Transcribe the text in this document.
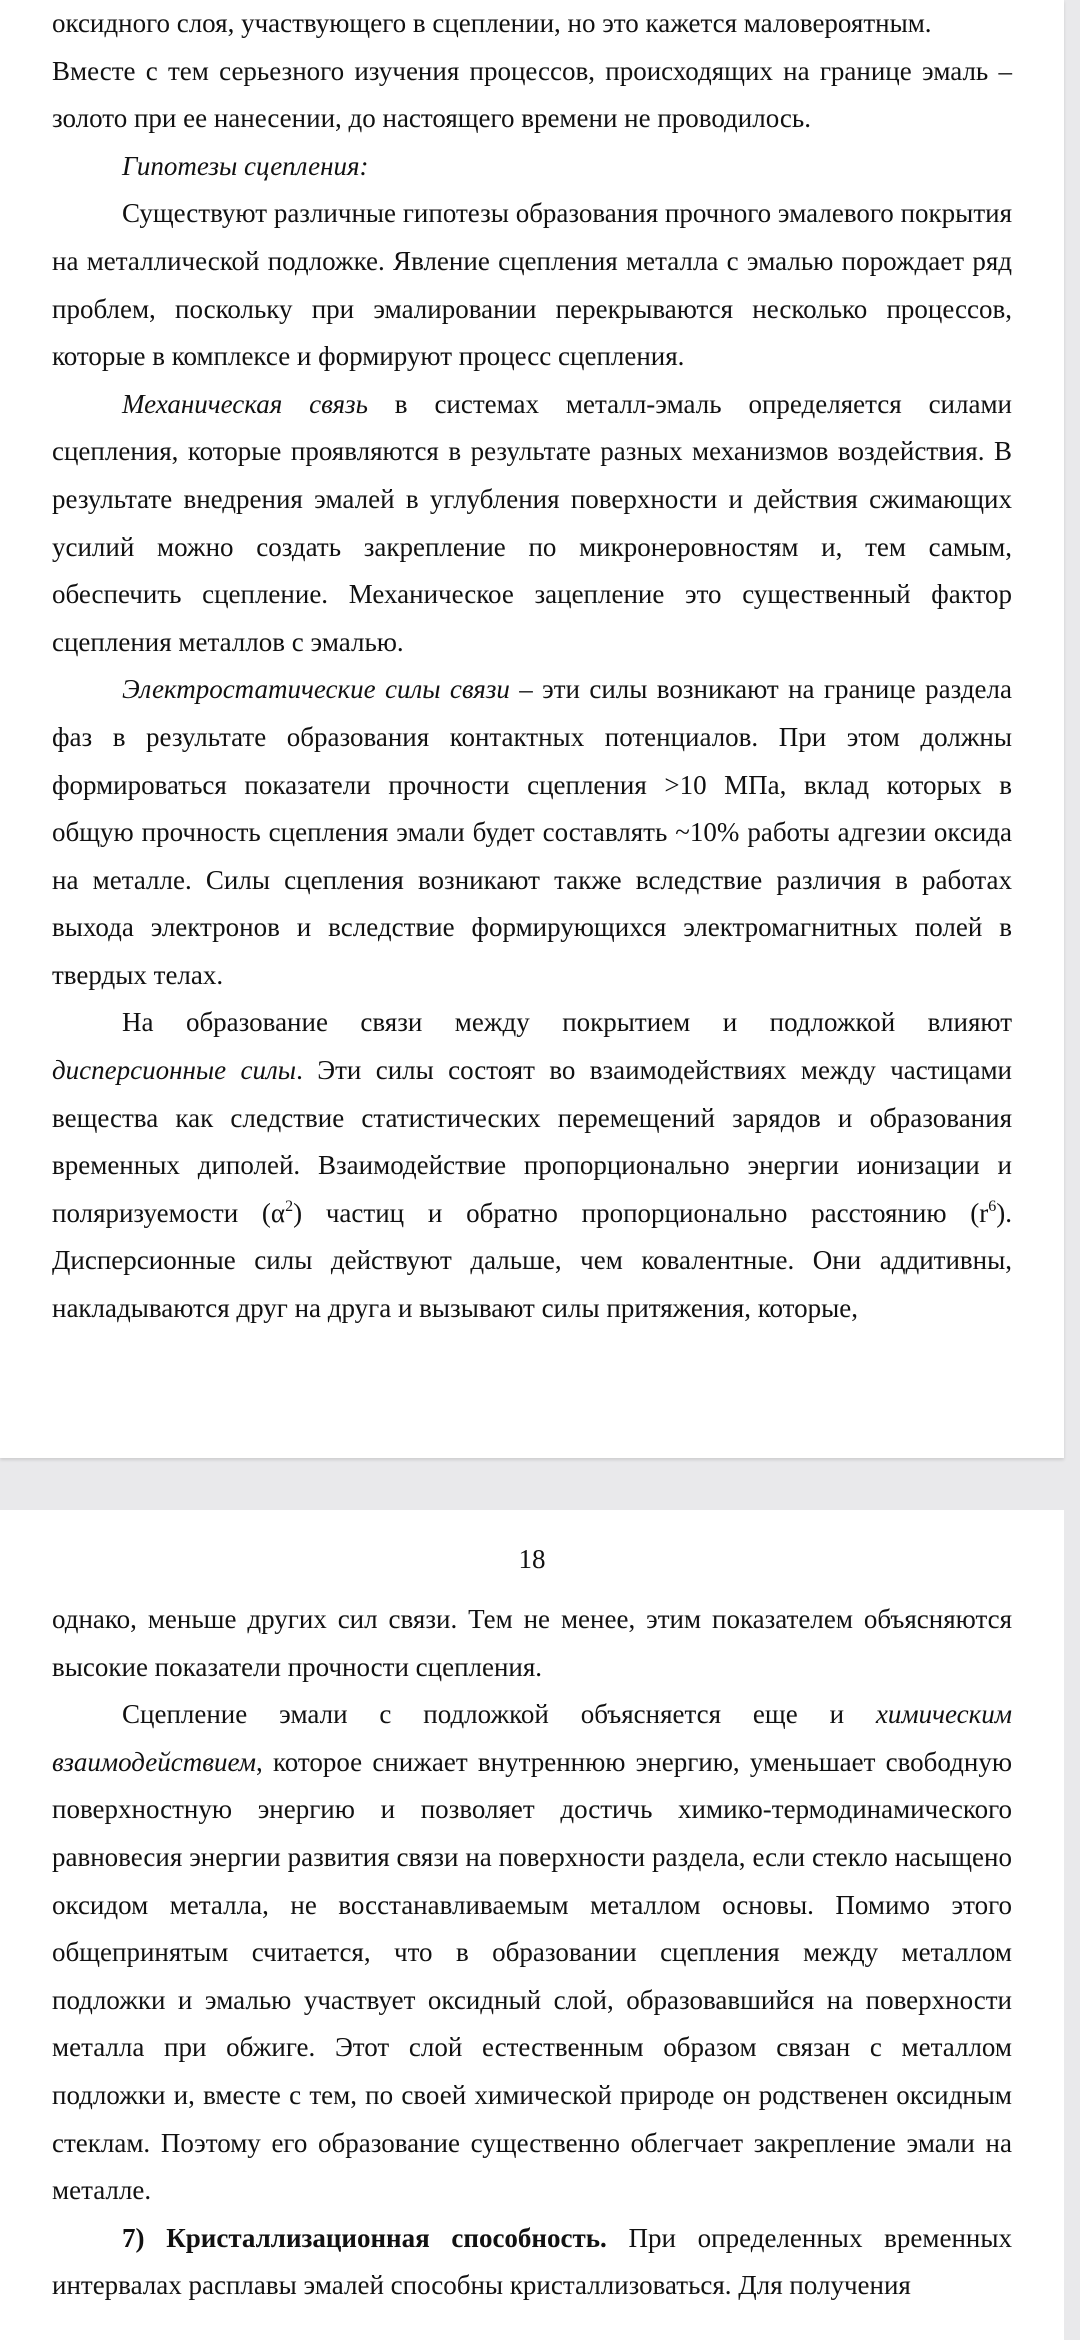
оксидного слоя, участвующего в сцеплении, но это кажется маловероятным.

Вместе с тем серьезного изучения процессов, происходящих на границе эмаль – золото при ее нанесении, до настоящего времени не проводилось.

Гипотезы сцепления:

Существуют различные гипотезы образования прочного эмалевого покрытия на металлической подложке. Явление сцепления металла с эмалью порождает ряд проблем, поскольку при эмалировании перекрываются несколько процессов, которые в комплексе и формируют процесс сцепления.

Механическая связь в системах металл-эмаль определяется силами сцепления, которые проявляются в результате разных механизмов воздействия. В результате внедрения эмалей в углубления поверхности и действия сжимающих усилий можно создать закрепление по микронеровностям и, тем самым, обеспечить сцепление. Механическое зацепление это существенный фактор сцепления металлов с эмалью.

Электростатические силы связи – эти силы возникают на границе раздела фаз в результате образования контактных потенциалов. При этом должны формироваться показатели прочности сцепления >10 МПа, вклад которых в общую прочность сцепления эмали будет составлять ~10% работы адгезии оксида на металле. Силы сцепления возникают также вследствие различия в работах выхода электронов и вследствие формирующихся электромагнитных полей в твердых телах.

На образование связи между покрытием и подложкой влияют дисперсионные силы. Эти силы состоят во взаимодействиях между частицами вещества как следствие статистических перемещений зарядов и образования временных диполей. Взаимодействие пропорционально энергии ионизации и поляризуемости $(\alpha^2)$ частиц и обратно пропорционально расстоянию $(r^6)$. Дисперсионные силы действуют дальше, чем ковалентные. Они аддитивны, накладываются друг на друга и вызывают силы притяжения, которые,

18

однако, меньше других сил связи. Тем не менее, этим показателем объясняются высокие показатели прочности сцепления.

Сцепление эмали с подложкой объясняется еще и химическим взаимодействием, которое снижает внутреннюю энергию, уменьшает свободную поверхностную энергию и позволяет достичь химико-термодинамического равновесия энергии развития связи на поверхности раздела, если стекло насыщено оксидом металла, не восстанавливаемым металлом основы. Помимо этого общепринятым считается, что в образовании сцепления между металлом подложки и эмалью участвует оксидный слой, образовавшийся на поверхности металла при обжиге. Этот слой естественным образом связан с металлом подложки и, вместе с тем, по своей химической природе он родственен оксидным стеклам. Поэтому его образование существенно облегчает закрепление эмали на металле.

7) Кристаллизационная способность. При определенных временных интервалах расплавы эмалей способны кристаллизоваться. Для получения
